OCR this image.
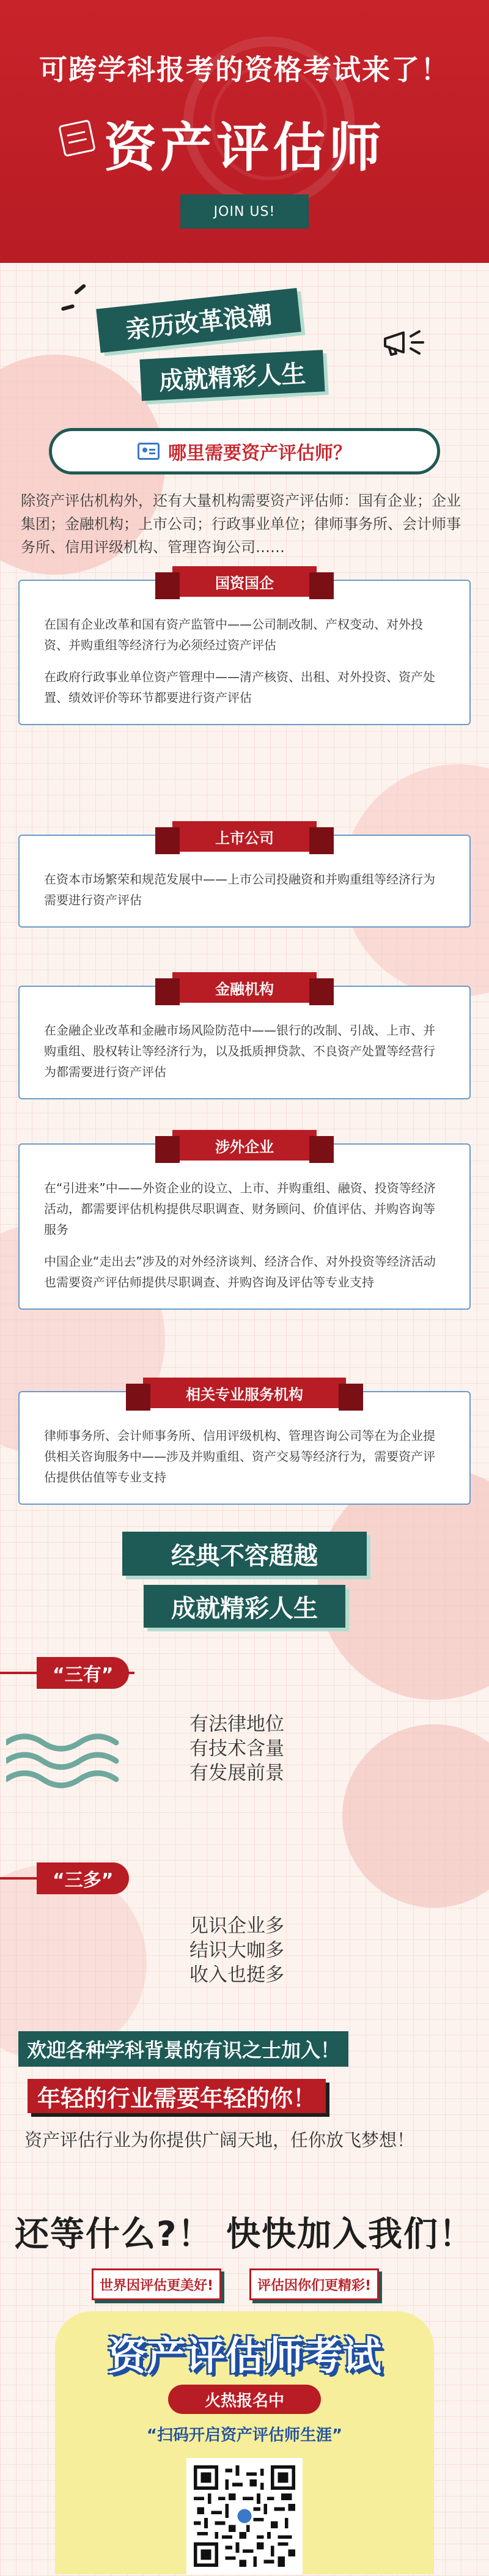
可跨学科报考的资格考试来了！
资产评估师
JOIN US!
亲历改革浪潮
成就精彩人生
哪里需要资产评估师？
除资产评估机构外，还有大量机构需要资产评估师：国有企业；企业集团；金融机构；上市公司；行政事业单位；律师事务所、会计师事务所、信用评级机构、管理咨询公司……
国资国企

在国有企业改革和国有资产监管中——公司制改制、产权变动、对外投资、并购重组等经济行为必须经过资产评估

在政府行政事业单位资产管理中——清产核资、出租、对外投资、资产处置、绩效评价等环节都要进行资产评估

上市公司

在资本市场繁荣和规范发展中——上市公司投融资和并购重组等经济行为需要进行资产评估

金融机构

在金融企业改革和金融市场风险防范中——银行的改制、引战、上市、并购重组、股权转让等经济行为，以及抵质押贷款、不良资产处置等经营行为都需要进行资产评估

涉外企业

在“引进来”中——外资企业的设立、上市、并购重组、融资、投资等经济活动，都需要评估机构提供尽职调查、财务顾问、价值评估、并购咨询等服务

中国企业“走出去”涉及的对外经济谈判、经济合作、对外投资等经济活动也需要资产评估师提供尽职调查、并购咨询及评估等专业支持

相关专业服务机构

律师事务所、会计师事务所、信用评级机构、管理咨询公司等在为企业提供相关咨询服务中——涉及并购重组、资产交易等经济行为，需要资产评估提供估值等专业支持

经典不容超越
成就精彩人生
“三有”
有法律地位
有技术含量
有发展前景
“三多”
见识企业多
结识大咖多
收入也挺多
欢迎各种学科背景的有识之士加入！
年轻的行业需要年轻的你！
资产评估行业为你提供广阔天地，任你放飞梦想！
还等什么?！ 快快加入我们！
世界因评估更美好!	评估因你们更精彩!
资产评估师考试
火热报名中
“扫码开启资产评估师生涯”
